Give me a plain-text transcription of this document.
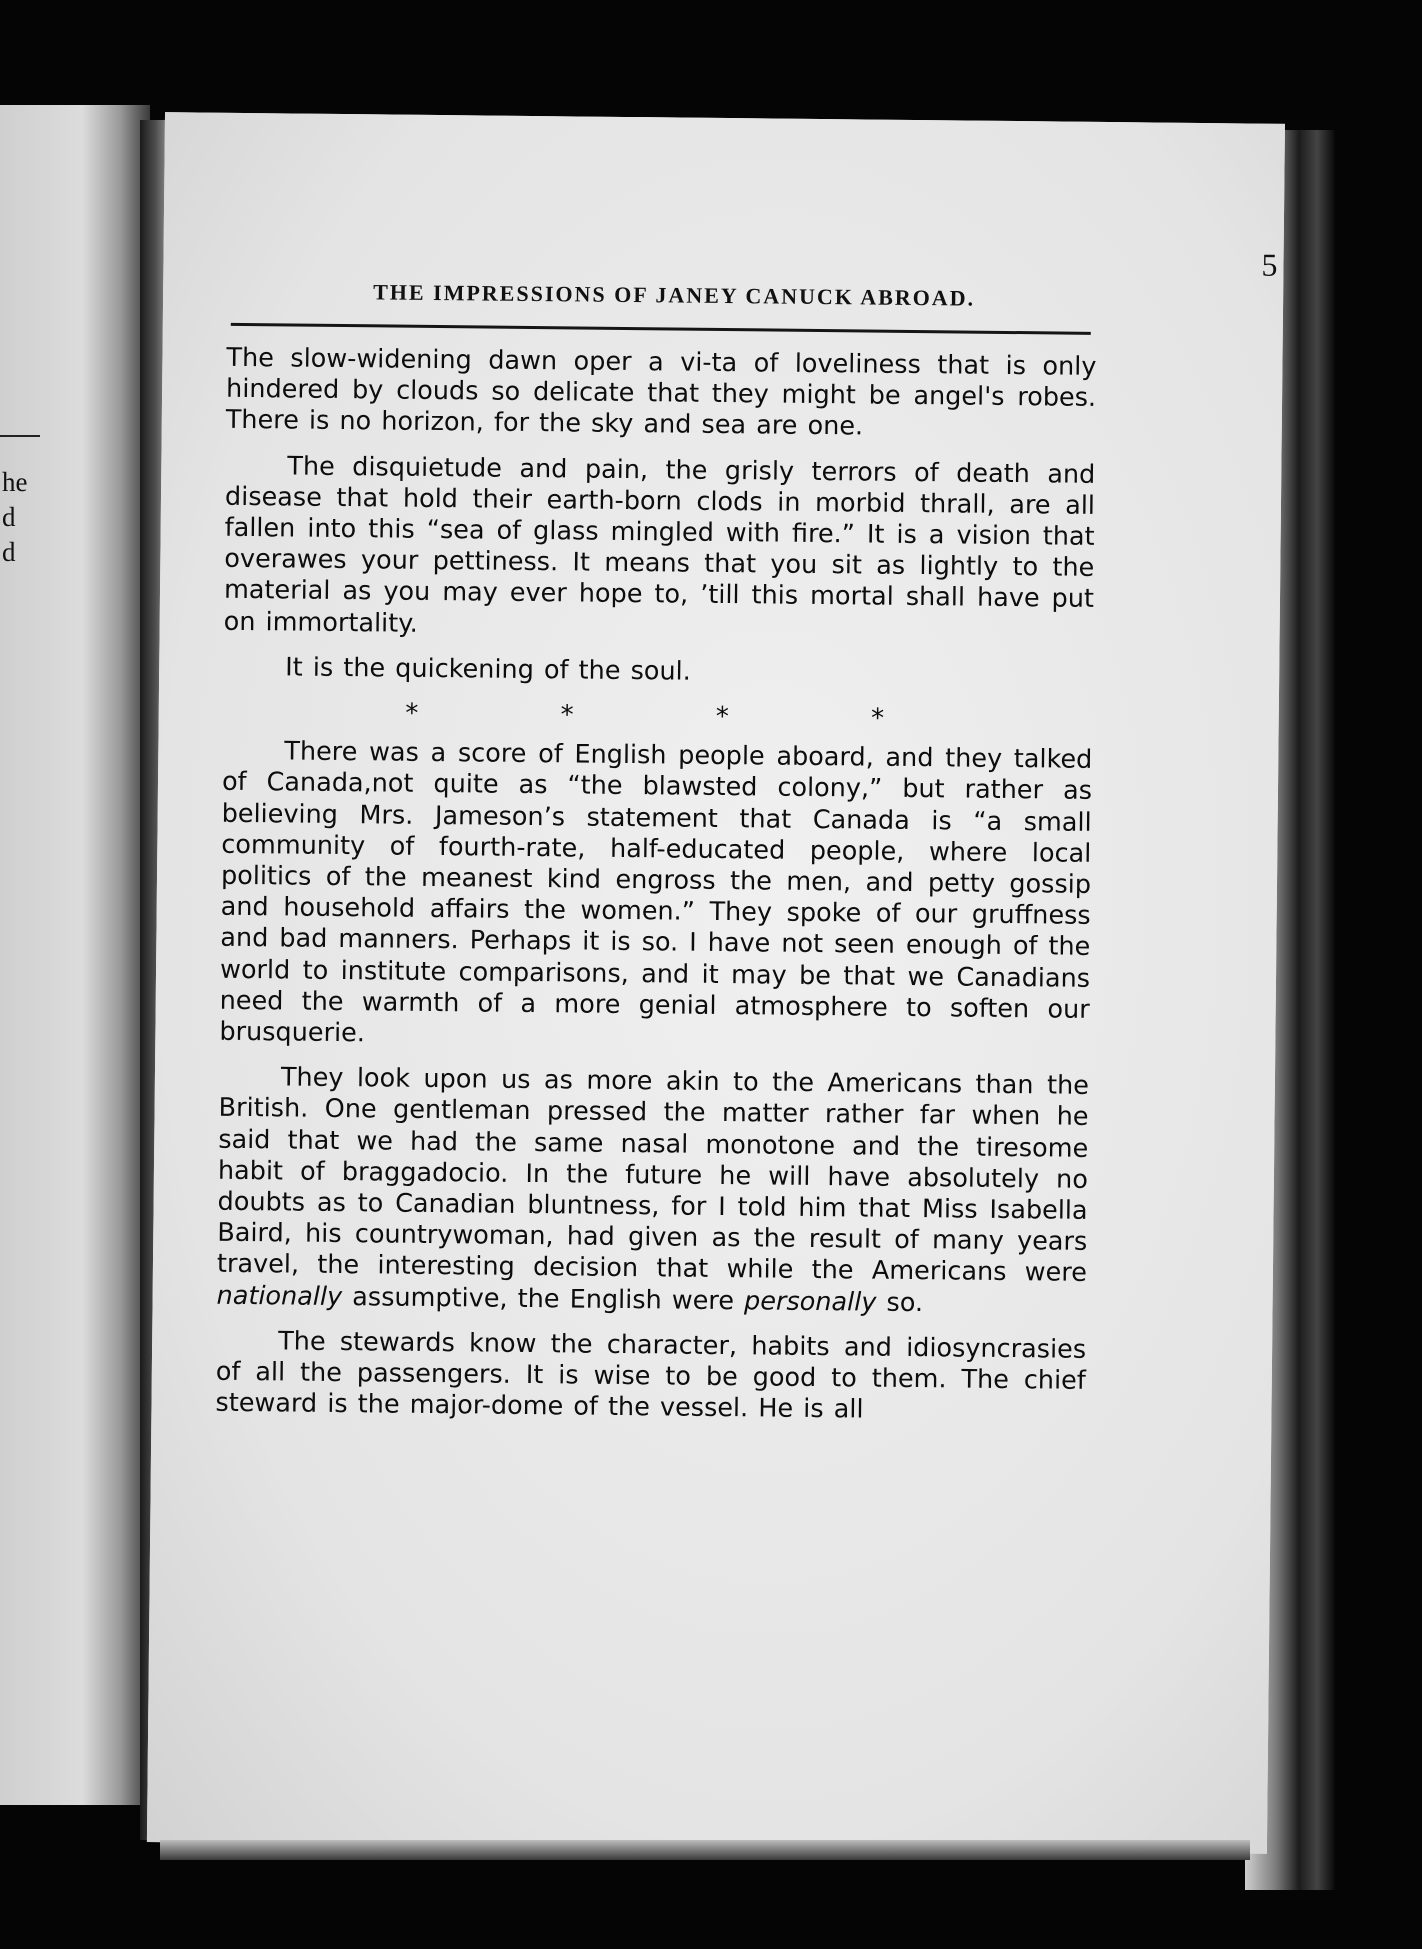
he
d
d
THE IMPRESSIONS OF JANEY CANUCK ABROAD.
5

The slow-widening dawn oper a vi-ta of loveliness that is only hindered by clouds so delicate that they might be angel's robes. There is no horizon, for the sky and sea are one.

The disquietude and pain, the grisly terrors of death and disease that hold their earth-born clods in morbid thrall, are all fallen into this “sea of glass mingled with fire.” It is a vision that overawes your pettiness. It means that you sit as lightly to the material as you may ever hope to, ’till this mortal shall have put on immortality.

It is the quickening of the soul.

* * * *

There was a score of English people aboard, and they talked of Canada,not quite as “the blawsted colony,” but rather as believing Mrs. Jameson’s statement that Canada is “a small community of fourth-rate, half-educated people, where local politics of the meanest kind engross the men, and petty gossip and household affairs the women.” They spoke of our gruffness and bad manners. Perhaps it is so. I have not seen enough of the world to institute comparisons, and it may be that we Canadians need the warmth of a more genial atmosphere to soften our brusquerie.

They look upon us as more akin to the Americans than the British. One gentleman pressed the matter rather far when he said that we had the same nasal monotone and the tiresome habit of braggadocio. In the future he will have absolutely no doubts as to Canadian bluntness, for I told him that Miss Isabella Baird, his countrywoman, had given as the result of many years travel, the interesting decision that while the Americans were nationally assumptive, the English were personally so.

The stewards know the character, habits and idiosyncrasies of all the passengers. It is wise to be good to them. The chief steward is the major-dome of the vessel. He is all
